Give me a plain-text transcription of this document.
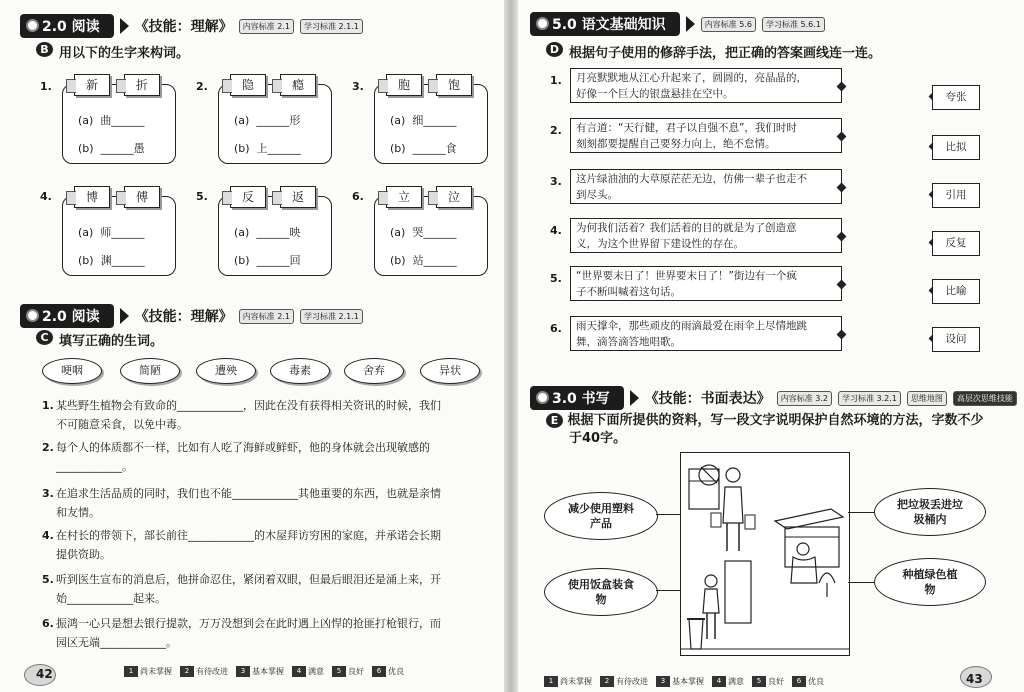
2.0 阅读	《技能：理解》	内容标准 2.1	学习标准 2.1.1
B 用以下的生字来构词。
1.	新	折
(a) 曲______
(b) ______愚
2.	隐	瘾
(a) ______形
(b) 上______
3.	胞	饱
(a) 细______
(b) ______食
4.	博	傅
(a) 师______
(b) 渊______
5.	反	返
(a) ______映
(b) ______回
6.	立	泣
(a) 哭______
(b) 站______
2.0 阅读	《技能：理解》	内容标准 2.1	学习标准 2.1.1
C 填写正确的生词。
哽咽	简陋	遭殃	毒素	舍弃	异状
1. 某些野生植物会有致命的____________，因此在没有获得相关资讯的时候，我们
不可随意采食，以免中毒。
2. 每个人的体质都不一样，比如有人吃了海鲜或鲜虾，他的身体就会出现敏感的
____________。
3. 在追求生活品质的同时，我们也不能____________其他重要的东西，也就是亲情
和友情。
4. 在村长的带领下，部长前往____________的木屋拜访穷困的家庭，并承诺会长期
提供资助。
5. 听到医生宣布的消息后，他拼命忍住，紧闭着双眼，但最后眼泪还是涌上来，开
始____________起来。
6. 振鸿一心只是想去银行提款，万万没想到会在此时遇上凶悍的抢匪打枪银行，而
园区无端____________。
42	1 尚未掌握	2 有待改进	3 基本掌握	4 满意	5 良好	6 优良
5.0 语文基础知识	内容标准 5.6	学习标准 5.6.1
D 根据句子使用的修辞手法，把正确的答案画线连一连。
1. 月亮默默地从江心升起来了，圆圆的，亮晶晶的，
好像一个巨大的银盘悬挂在空中。	夸张
2. 有言道：“天行健，君子以自强不息”，我们时时
刻刻都要提醒自己要努力向上，绝不怠情。	比拟
3. 这片绿油油的大草原茫茫无边，仿佛一辈子也走不
到尽头。	引用
4. 为何我们活着？我们活着的目的就是为了创造意
义，为这个世界留下建设性的存在。	反复
5. “世界要末日了！世界要末日了！”街边有一个疯
子不断叫喊着这句话。	比喻
6. 雨天撑伞，那些顽皮的雨滴最爱在雨伞上尽情地跳
舞，滴答滴答地唱歌。	设问
3.0 书写	《技能：书面表达》	内容标准 3.2	学习标准 3.2.1	思维地图	高层次思维技能
E 根据下面所提供的资料，写一段文字说明保护自然环境的方法，字数不少
于40字。
减少使用塑料产品
使用饭盒装食物
把垃圾丢进垃圾桶内
种植绿色植物
1 尚未掌握	2 有待改进	3 基本掌握	4 满意	5 良好	6 优良	43
